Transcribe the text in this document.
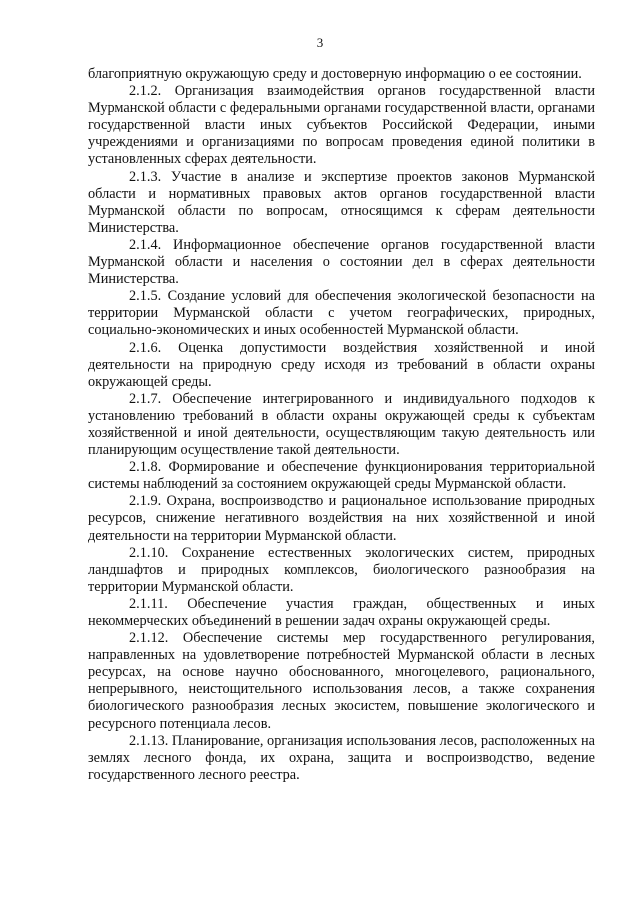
3

благоприятную окружающую среду и достоверную информацию о ее состоянии.

2.1.2. Организация взаимодействия органов государственной власти Мурманской области с федеральными органами государственной власти, органами государственной власти иных субъектов Российской Федерации, иными учреждениями и организациями по вопросам проведения единой политики в установленных сферах деятельности.

2.1.3. Участие в анализе и экспертизе проектов законов Мурманской области и нормативных правовых актов органов государственной власти Мурманской области по вопросам, относящимся к сферам деятельности Министерства.

2.1.4. Информационное обеспечение органов государственной власти Мурманской области и населения о состоянии дел в сферах деятельности Министерства.

2.1.5. Создание условий для обеспечения экологической безопасности на территории Мурманской области с учетом географических, природных, социально-экономических и иных особенностей Мурманской области.

2.1.6. Оценка допустимости воздействия хозяйственной и иной деятельности на природную среду исходя из требований в области охраны окружающей среды.

2.1.7. Обеспечение интегрированного и индивидуального подходов к установлению требований в области охраны окружающей среды к субъектам хозяйственной и иной деятельности, осуществляющим такую деятельность или планирующим осуществление такой деятельности.

2.1.8. Формирование и обеспечение функционирования территориальной системы наблюдений за состоянием окружающей среды Мурманской области.

2.1.9. Охрана, воспроизводство и рациональное использование природных ресурсов, снижение негативного воздействия на них хозяйственной и иной деятельности на территории Мурманской области.

2.1.10. Сохранение естественных экологических систем, природных ландшафтов и природных комплексов, биологического разнообразия на территории Мурманской области.

2.1.11. Обеспечение участия граждан, общественных и иных некоммерческих объединений в решении задач охраны окружающей среды.

2.1.12. Обеспечение системы мер государственного регулирования, направленных на удовлетворение потребностей Мурманской области в лесных ресурсах, на основе научно обоснованного, многоцелевого, рационального, непрерывного, неистощительного использования лесов, а также сохранения биологического разнообразия лесных экосистем, повышение экологического и ресурсного потенциала лесов.

2.1.13. Планирование, организация использования лесов, расположенных на землях лесного фонда, их охрана, защита и воспроизводство, ведение государственного лесного реестра.
